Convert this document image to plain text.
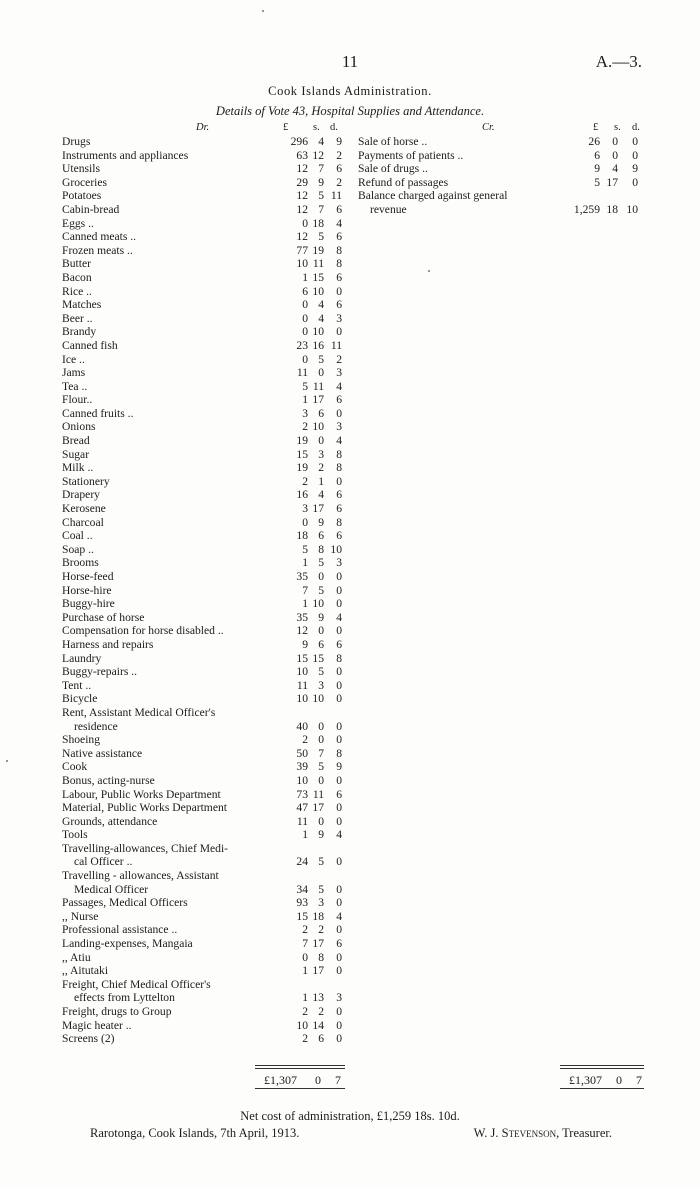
11	A.—3.
Cook Islands Administration.
Details of Vote 43, Hospital Supplies and Attendance.
Dr.	£ s. d.	Cr.	£ s. d.
Drugs	296 4	9
Instruments and appliances	63 12	2
Utensils	12 7	6
Groceries	29 9	2
Potatoes	12 5 11
Cabin-bread	12 7	6
Eggs ..	0 18	4
Canned meats ..	12 5	6
Frozen meats ..	77 19	8
Butter	10 11	8
Bacon	1 15	6
Rice ..	6 10	0
Matches	0 4	6
Beer ..	0 4	3
Brandy	0 10	0
Canned fish	23 16 11
Ice ..	0 5	2
Jams	11 0	3
Tea ..	5 11	4
Flour..	1 17	6
Canned fruits ..	3 6	0
Onions	2 10	3
Bread	19 0	4
Sugar	15 3	8
Milk ..	19 2	8
Stationery	2 1	0
Drapery	16 4	6
Kerosene	3 17	6
Charcoal	0 9	8
Coal ..	18 6	6
Soap ..	5 8 10
Brooms	1 5	3
Horse-feed	35 0	0
Horse-hire	7 5	0
Buggy-hire	1 10	0
Purchase of horse	35 9	4
Compensation for horse disabled ..	12 0	0
Harness and repairs	9 6	6
Laundry	15 15	8
Buggy-repairs ..	10 5	0
Tent ..	11 3	0
Bicycle	10 10	0
Rent, Assistant Medical Officer's
residence	40 0	0
Shoeing	2 0	0
Native assistance	50 7	8
Cook	39 5	9
Bonus, acting-nurse	10 0	0
Labour, Public Works Department	73 11	6
Material, Public Works Department	47 17	0
Grounds, attendance	11 0	0
Tools	1 9	4
Travelling-allowances, Chief Medi-
cal Officer ..	24 5	0
Travelling - allowances, Assistant
Medical Officer	34 5	0
Passages, Medical Officers	93 3	0
,, Nurse	15 18	4
Professional assistance ..	2 2	0
Landing-expenses, Mangaia	7 17	6
,, Atiu	0 8	0
,, Aitutaki	1 17	0
Freight, Chief Medical Officer's
effects from Lyttelton	1 13	3
Freight, drugs to Group	2 2	0
Magic heater ..	10 14	0
Screens (2)	2 6	0
Sale of horse ..	26	0	0
Payments of patients ..	6	0	0
Sale of drugs ..	9	4	9
Refund of passages	5 17	0
Balance charged against general
revenue	1,259 18 10
£1,307	0	7	£1,307	0	7
Net cost of administration, £1,259 18s. 10d.
Rarotonga, Cook Islands, 7th April, 1913.	W. J. Stevenson, Treasurer.
